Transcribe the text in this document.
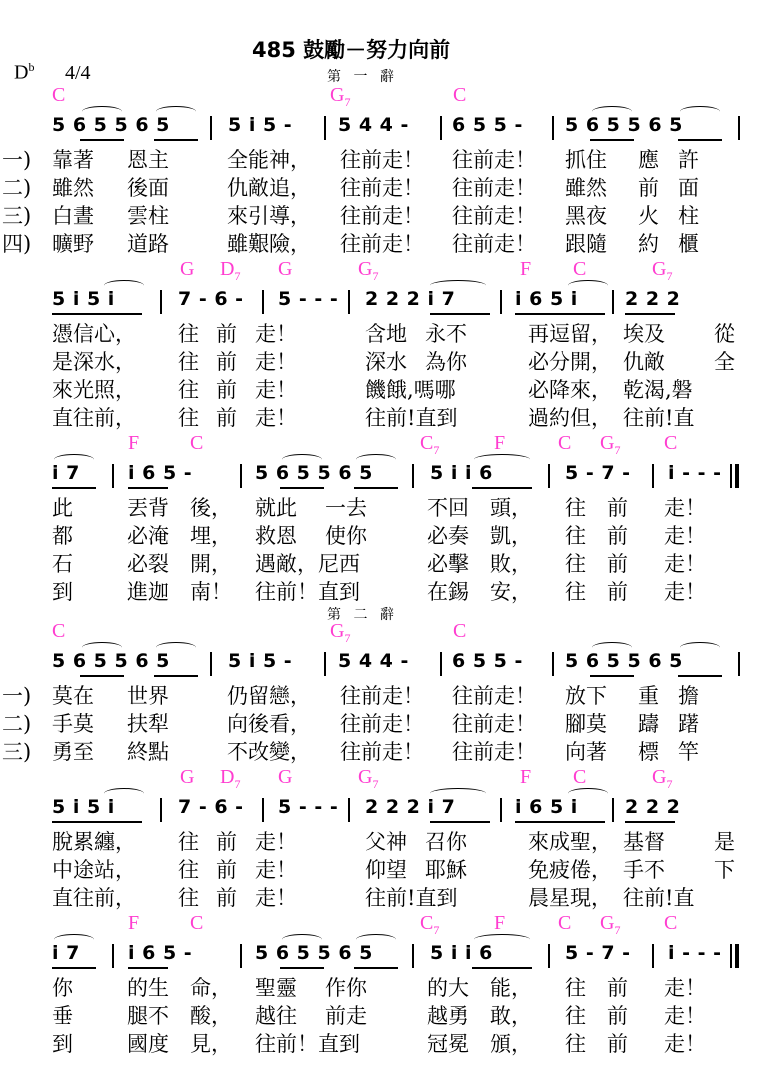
C	$G_7$	C
5 6 5 5 6 5	5 i 5 - 5 4 4 - 6 5 5 - 5 6 5 5 6 5
一) 靠著 恩主	全能神， 往前走！ 往前走！ 抓住 應 許
二) 雖然 後面	仇敵追， 往前走！ 往前走！ 雖然 前 面
三) 白晝 雲柱	來引導， 往前走！ 往前走！ 黑夜 火 柱
四) 曠野 道路	雖艱險， 往前走！ 往前走！ 跟隨 約 櫃
G $D_7$ G	$G_7$	F C	$G_7$
5 i 5 i	7 - 6 - 5 - - - 2 2 2 i 7	i 6 5 i 2 2 2
憑信心， 往 前 走！	含地 永不	再逗留， 埃及 從
是深水， 往 前 走！	深水 為你	必分開， 仇敵 全
來光照， 往 前 走！	饑餓,嗎哪	必降來， 乾渴,磐
直往前， 往 前 走！	往前!直到	過約但， 往前!直
F	C	$C_7$	F	C $G_7$ C
i 7	i 6 5 -	5 6 5 5 6 5	5 i i 6	5 - 7 - i - - -
此	丟背 後， 就此 一去	不回 頭， 往 前 走！
都	必淹 埋， 救恩 使你	必奏 凱， 往 前 走！
石	必裂 開， 遇敵，尼西	必擊 敗， 往 前 走！
到	進迦 南！ 往前！直到	在錫 安， 往 前 走！
C	$G_7$	C
5 6 5 5 6 5	5 i 5 - 5 4 4 - 6 5 5 - 5 6 5 5 6 5
一) 莫在 世界	仍留戀， 往前走！ 往前走！ 放下 重 擔
二) 手莫 扶犁	向後看， 往前走！ 往前走！ 腳莫 躊 躇
三) 勇至 終點	不改變， 往前走！ 往前走！ 向著 標 竿
G $D_7$ G	$G_7$	F C	$G_7$
5 i 5 i	7 - 6 - 5 - - - 2 2 2 i 7	i 6 5 i 2 2 2
脫累纏， 往 前 走！	父神 召你	來成聖， 基督 是
中途站， 往 前 走！	仰望 耶穌	免疲倦， 手不 下
直往前， 往 前 走！	往前!直到	晨星現， 往前!直
F	C	$C_7$	F	C $G_7$ C
i 7	i 6 5 -	5 6 5 5 6 5	5 i i 6	5 - 7 - i - - -
你	的生 命， 聖靈 作你	的大 能， 往 前 走！
垂	腿不 酸， 越往 前走	越勇 敢， 往 前 走！
到	國度 見， 往前！直到	冠冕 頒， 往 前 走！
485 鼓勵－努力向前
$D^b$ 4/4	第 一 辭
第 二 辭
